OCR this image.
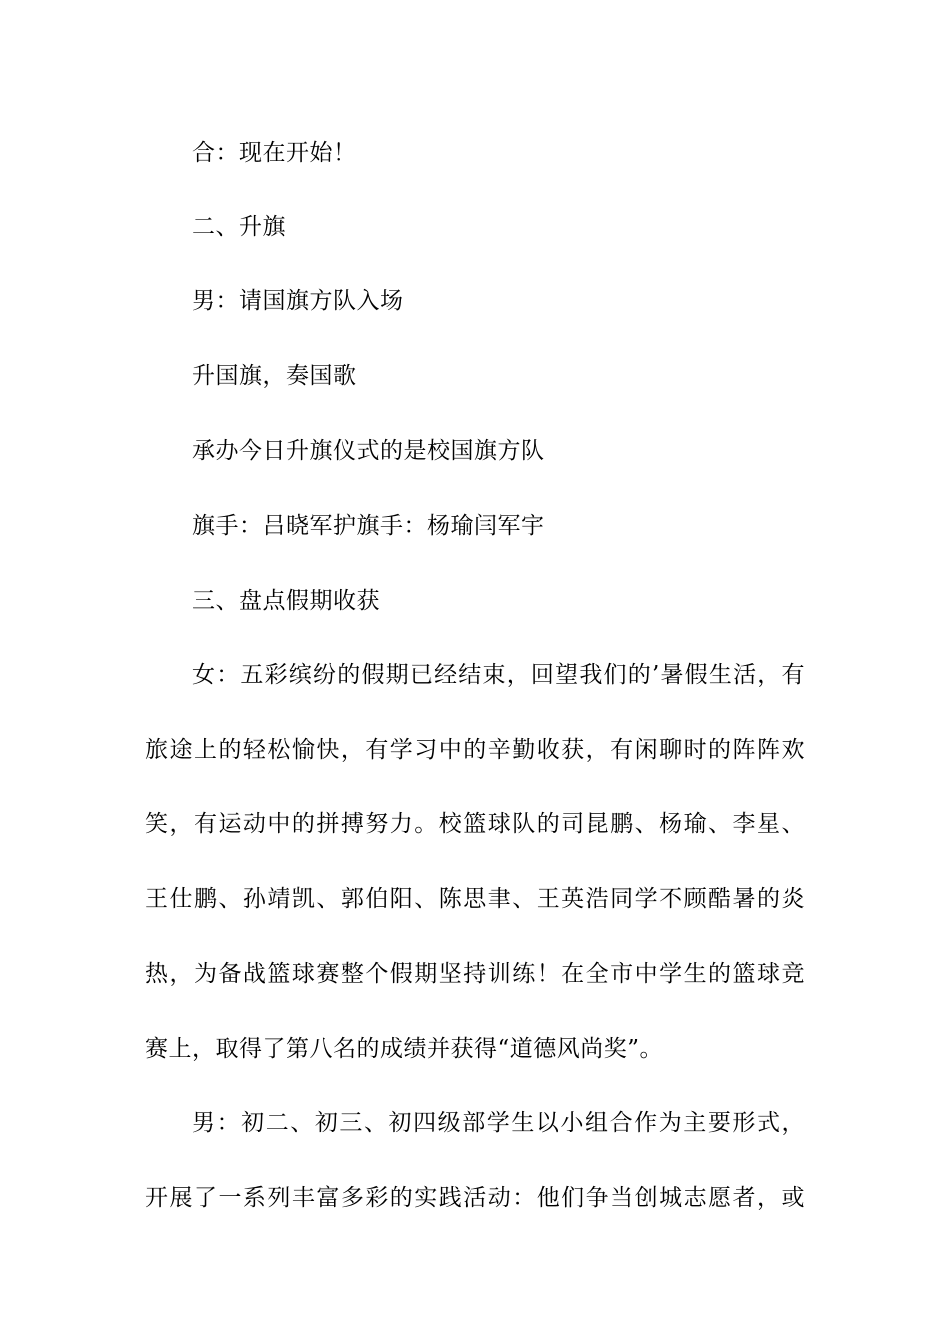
合：现在开始！
二、升旗
男：请国旗方队入场
升国旗，奏国歌
承办今日升旗仪式的是校国旗方队
旗手：吕晓军护旗手：杨瑜闫军宇
三、盘点假期收获
女：五彩缤纷的假期已经结束，回望我们的’暑假生活，有
旅途上的轻松愉快，有学习中的辛勤收获，有闲聊时的阵阵欢
笑，有运动中的拼搏努力。校篮球队的司昆鹏、杨瑜、李星、
王仕鹏、孙靖凯、郭伯阳、陈思聿、王英浩同学不顾酷暑的炎
热，为备战篮球赛整个假期坚持训练！在全市中学生的篮球竞
赛上，取得了第八名的成绩并获得“道德风尚奖”。
男：初二、初三、初四级部学生以小组合作为主要形式，
开展了一系列丰富多彩的实践活动：他们争当创城志愿者，或
